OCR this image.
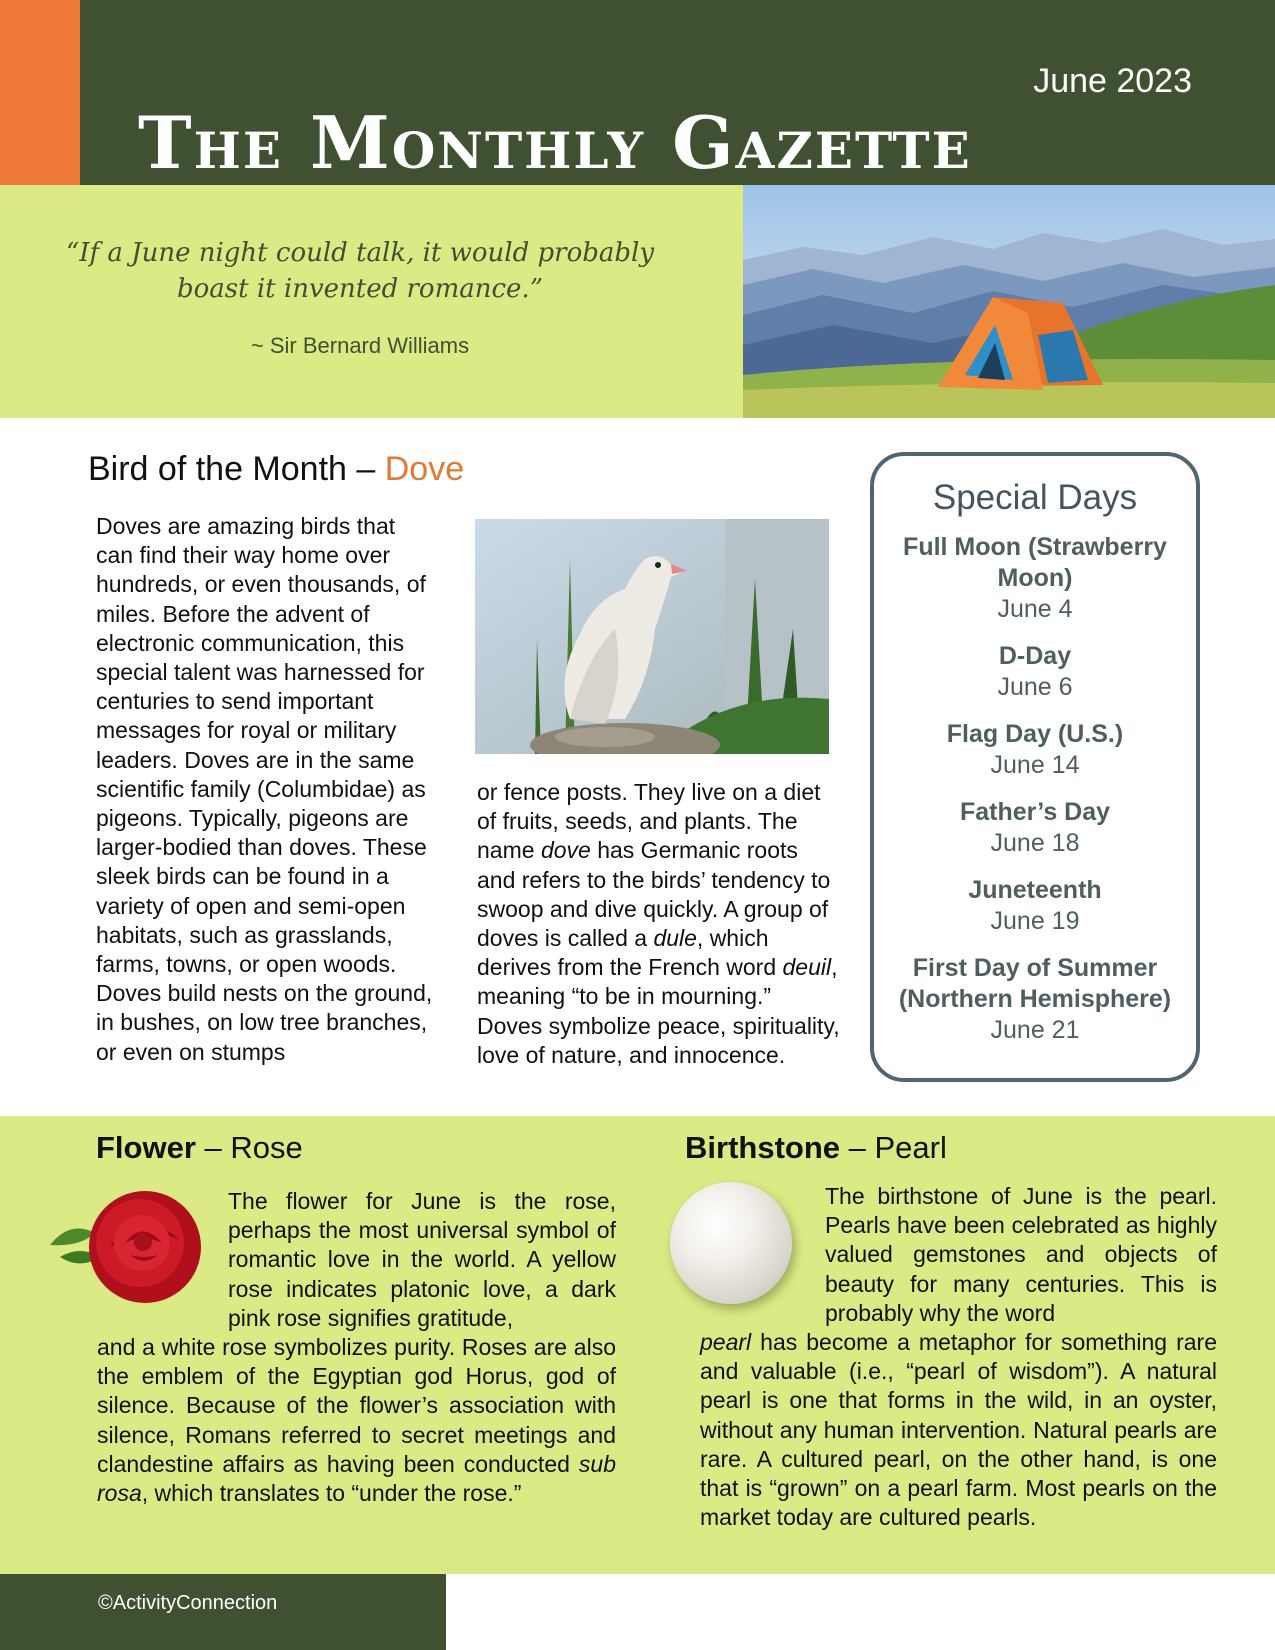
June 2023
The Monthly Gazette
“If a June night could talk, it would probably
boast it invented romance.”
~ Sir Bernard Williams
Bird of the Month – Dove
Doves are amazing birds that can find their way home over hundreds, or even thousands, of miles. Before the advent of electronic communication, this special talent was harnessed for centuries to send important messages for royal or military leaders. Doves are in the same scientific family (Columbidae) as pigeons. Typically, pigeons are larger-bodied than doves. These sleek birds can be found in a variety of open and semi-open habitats, such as grasslands, farms, towns, or open woods. Doves build nests on the ground, in bushes, on low tree branches, or even on stumps
or fence posts. They live on a diet of fruits, seeds, and plants. The name dove has Germanic roots and refers to the birds’ tendency to swoop and dive quickly. A group of doves is called a dule, which derives from the French word deuil, meaning “to be in mourning.” Doves symbolize peace, spirituality, love of nature, and innocence.
Special Days
Full Moon (Strawberry Moon)
June 4
D-Day
June 6
Flag Day (U.S.)
June 14
Father’s Day
June 18
Juneteenth
June 19
First Day of Summer (Northern Hemisphere)
June 21
Flower – Rose
The flower for June is the rose, perhaps the most universal symbol of romantic love in the world. A yellow rose indicates platonic love, a dark pink rose signifies gratitude,
and a white rose symbolizes purity. Roses are also the emblem of the Egyptian god Horus, god of silence. Because of the flower’s association with silence, Romans referred to secret meetings and clandestine affairs as having been conducted sub rosa, which translates to “under the rose.”
Birthstone – Pearl
The birthstone of June is the pearl. Pearls have been celebrated as highly valued gemstones and objects of beauty for many centuries. This is probably why the word
pearl has become a metaphor for something rare and valuable (i.e., “pearl of wisdom”). A natural pearl is one that forms in the wild, in an oyster, without any human intervention. Natural pearls are rare. A cultured pearl, on the other hand, is one that is “grown” on a pearl farm. Most pearls on the market today are cultured pearls.
©ActivityConnection
